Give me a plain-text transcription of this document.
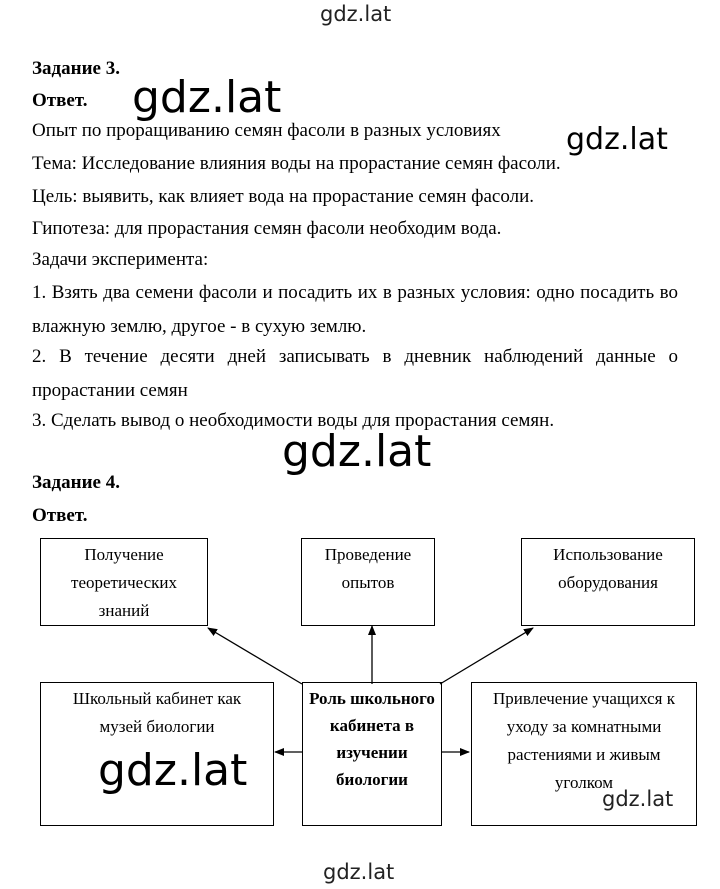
gdz.lat
gdz.lat
gdz.lat
gdz.lat
gdz.lat
gdz.lat
gdz.lat
Задание 3.
Ответ.
Опыт по проращиванию семян фасоли в разных условиях
Тема: Исследование влияния воды на прорастание семян фасоли.
Цель: выявить, как влияет вода на прорастание семян фасоли.
Гипотеза: для прорастания семян фасоли необходим вода.
Задачи эксперимента:
1. Взять два семени фасоли и посадить их в разных условия: одно посадить во влажную землю, другое - в сухую землю.
2. В течение десяти дней записывать в дневник наблюдений данные о прорастании семян
3. Сделать вывод о необходимости воды для прорастания семян.
Задание 4.
Ответ.
Получение теоретических знаний
Проведение опытов
Использование оборудования
Школьный кабинет как музей биологии
Роль школьного кабинета в изучении биологии
Привлечение учащихся к уходу за комнатными растениями и живым уголком
